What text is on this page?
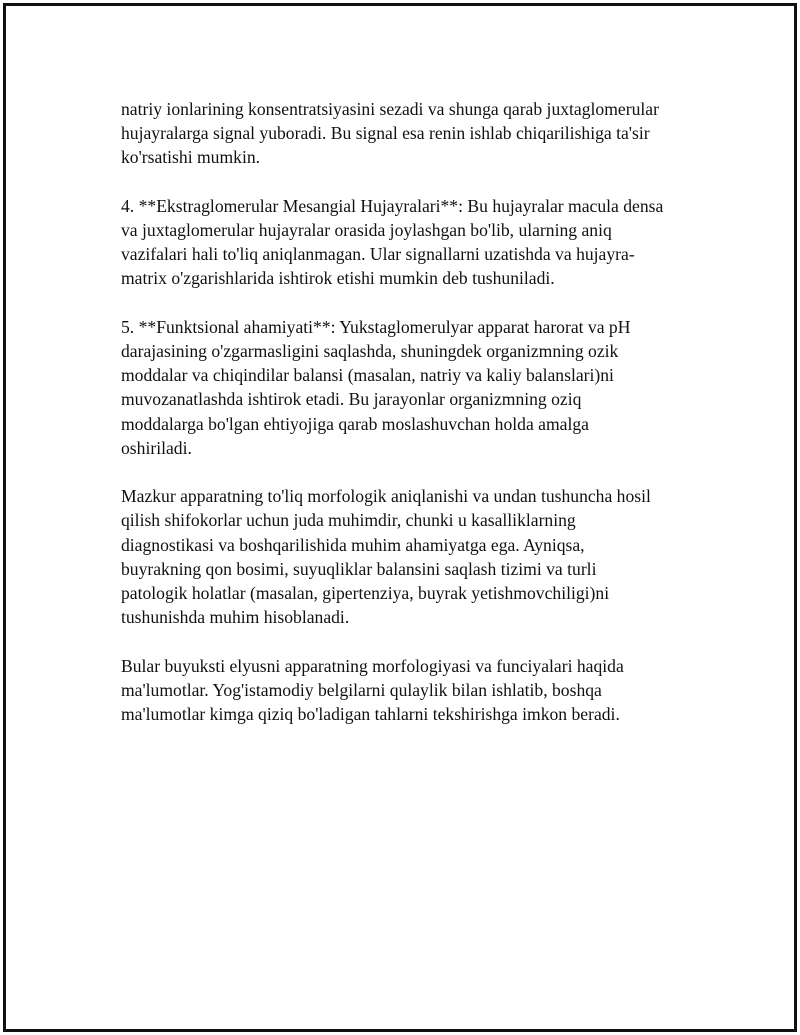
natriy ionlarining konsentratsiyasini sezadi va shunga qarab juxtaglomerular
hujayralarga signal yuboradi. Bu signal esa renin ishlab chiqarilishiga ta'sir
ko'rsatishi mumkin.

4. **Ekstraglomerular Mesangial Hujayralari**: Bu hujayralar macula densa
va juxtaglomerular hujayralar orasida joylashgan bo'lib, ularning aniq
vazifalari hali to'liq aniqlanmagan. Ular signallarni uzatishda va hujayra-
matrix o'zgarishlarida ishtirok etishi mumkin deb tushuniladi.

5. **Funktsional ahamiyati**: Yukstaglomerulyar apparat harorat va pH
darajasining o'zgarmasligini saqlashda, shuningdek organizmning ozik
moddalar va chiqindilar balansi (masalan, natriy va kaliy balanslari)ni
muvozanatlashda ishtirok etadi. Bu jarayonlar organizmning oziq
moddalarga bo'lgan ehtiyojiga qarab moslashuvchan holda amalga
oshiriladi.

Mazkur apparatning to'liq morfologik aniqlanishi va undan tushuncha hosil
qilish shifokorlar uchun juda muhimdir, chunki u kasalliklarning
diagnostikasi va boshqarilishida muhim ahamiyatga ega. Ayniqsa,
buyrakning qon bosimi, suyuqliklar balansini saqlash tizimi va turli
patologik holatlar (masalan, gipertenziya, buyrak yetishmovchiligi)ni
tushunishda muhim hisoblanadi.

Bular buyuksti elyusni apparatning morfologiyasi va funciyalari haqida
ma'lumotlar. Yog'istamodiy belgilarni qulaylik bilan ishlatib, boshqa
ma'lumotlar kimga qiziq bo'ladigan tahlarni tekshirishga imkon beradi.
